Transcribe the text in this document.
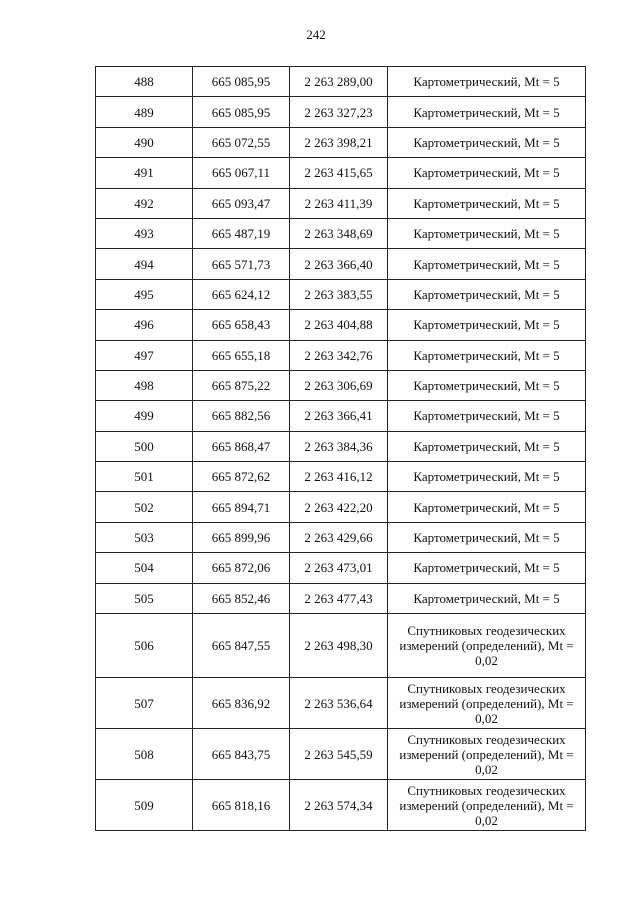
242
488	665 085,95	2 263 289,00	Картометрический, Mt = 5
489	665 085,95	2 263 327,23	Картометрический, Mt = 5
490	665 072,55	2 263 398,21	Картометрический, Mt = 5
491	665 067,11	2 263 415,65	Картометрический, Mt = 5
492	665 093,47	2 263 411,39	Картометрический, Mt = 5
493	665 487,19	2 263 348,69	Картометрический, Mt = 5
494	665 571,73	2 263 366,40	Картометрический, Mt = 5
495	665 624,12	2 263 383,55	Картометрический, Mt = 5
496	665 658,43	2 263 404,88	Картометрический, Mt = 5
497	665 655,18	2 263 342,76	Картометрический, Mt = 5
498	665 875,22	2 263 306,69	Картометрический, Mt = 5
499	665 882,56	2 263 366,41	Картометрический, Mt = 5
500	665 868,47	2 263 384,36	Картометрический, Mt = 5
501	665 872,62	2 263 416,12	Картометрический, Mt = 5
502	665 894,71	2 263 422,20	Картометрический, Mt = 5
503	665 899,96	2 263 429,66	Картометрический, Mt = 5
504	665 872,06	2 263 473,01	Картометрический, Mt = 5
505	665 852,46	2 263 477,43	Картометрический, Mt = 5
506	665 847,55	2 263 498,30	Спутниковых геодезических измерений (определений), Mt = 0,02
507	665 836,92	2 263 536,64	Спутниковых геодезических измерений (определений), Mt = 0,02
508	665 843,75	2 263 545,59	Спутниковых геодезических измерений (определений), Mt = 0,02
509	665 818,16	2 263 574,34	Спутниковых геодезических измерений (определений), Mt = 0,02
